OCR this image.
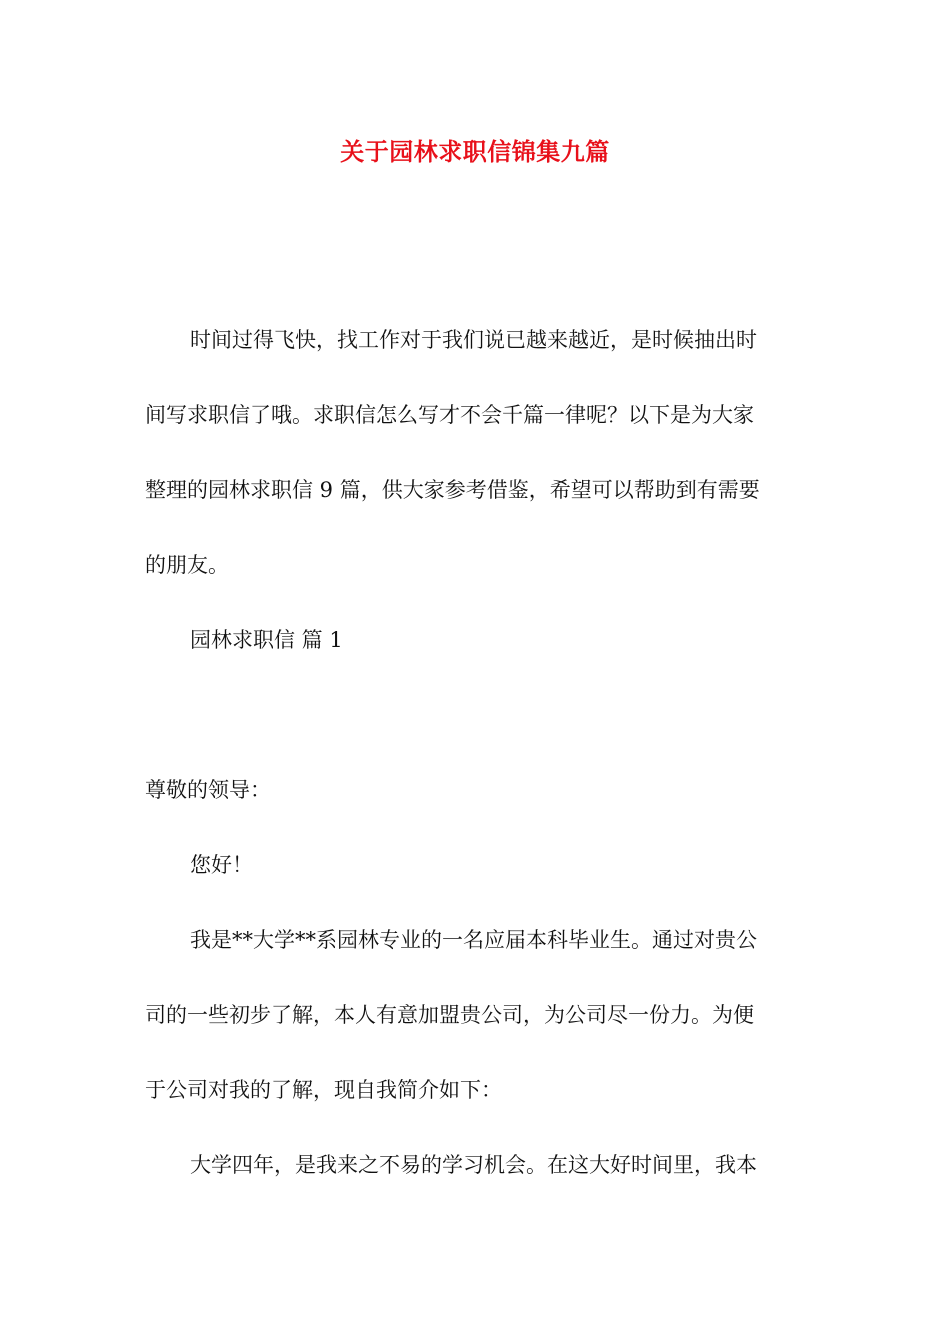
关于园林求职信锦集九篇
时间过得飞快，找工作对于我们说已越来越近，是时候抽出时
间写求职信了哦。求职信怎么写才不会千篇一律呢？以下是为大家
整理的园林求职信 9 篇，供大家参考借鉴，希望可以帮助到有需要
的朋友。
园林求职信 篇 1
尊敬的领导：
您好！
我是**大学**系园林专业的一名应届本科毕业生。通过对贵公
司的一些初步了解，本人有意加盟贵公司，为公司尽一份力。为便
于公司对我的了解，现自我简介如下：
大学四年，是我来之不易的学习机会。在这大好时间里，我本
